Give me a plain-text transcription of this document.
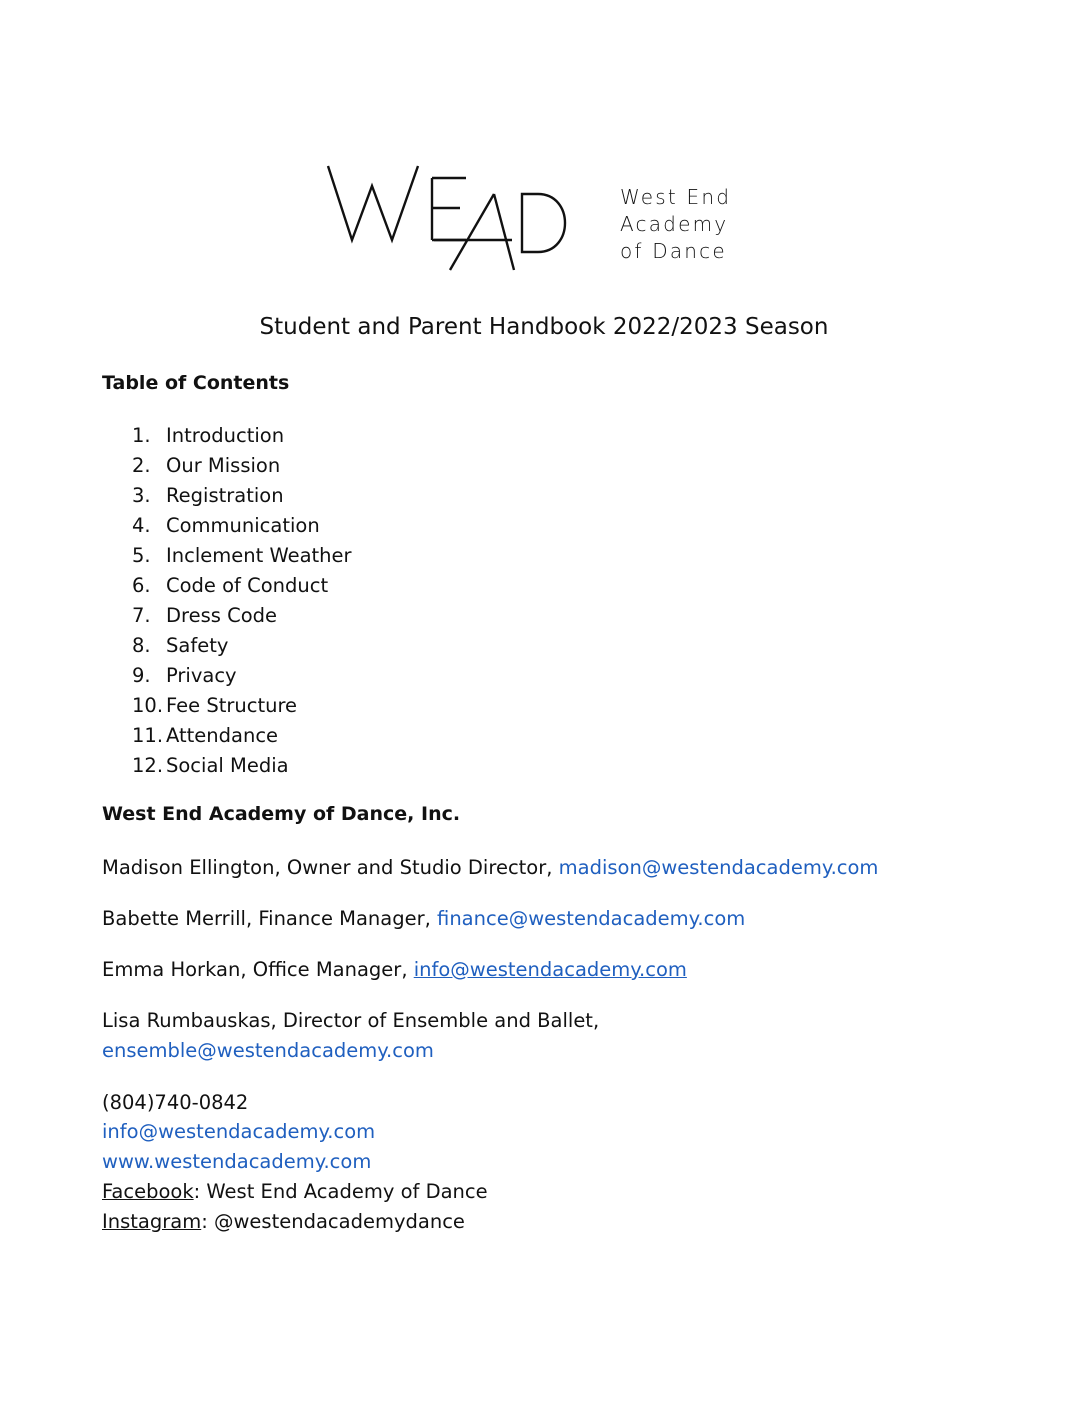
West End
Academy
of Dance
Student and Parent Handbook 2022/2023 Season
Table of Contents
1. Introduction
2. Our Mission
3. Registration
4. Communication
5. Inclement Weather
6. Code of Conduct
7. Dress Code
8. Safety
9. Privacy
10. Fee Structure
11. Attendance
12. Social Media
West End Academy of Dance, Inc.
Madison Ellington, Owner and Studio Director, madison@westendacademy.com
Babette Merrill, Finance Manager, finance@westendacademy.com
Emma Horkan, Office Manager, info@westendacademy.com
Lisa Rumbauskas, Director of Ensemble and Ballet,
ensemble@westendacademy.com
(804)740-0842
info@westendacademy.com
www.westendacademy.com
Facebook: West End Academy of Dance
Instagram: @westendacademydance
